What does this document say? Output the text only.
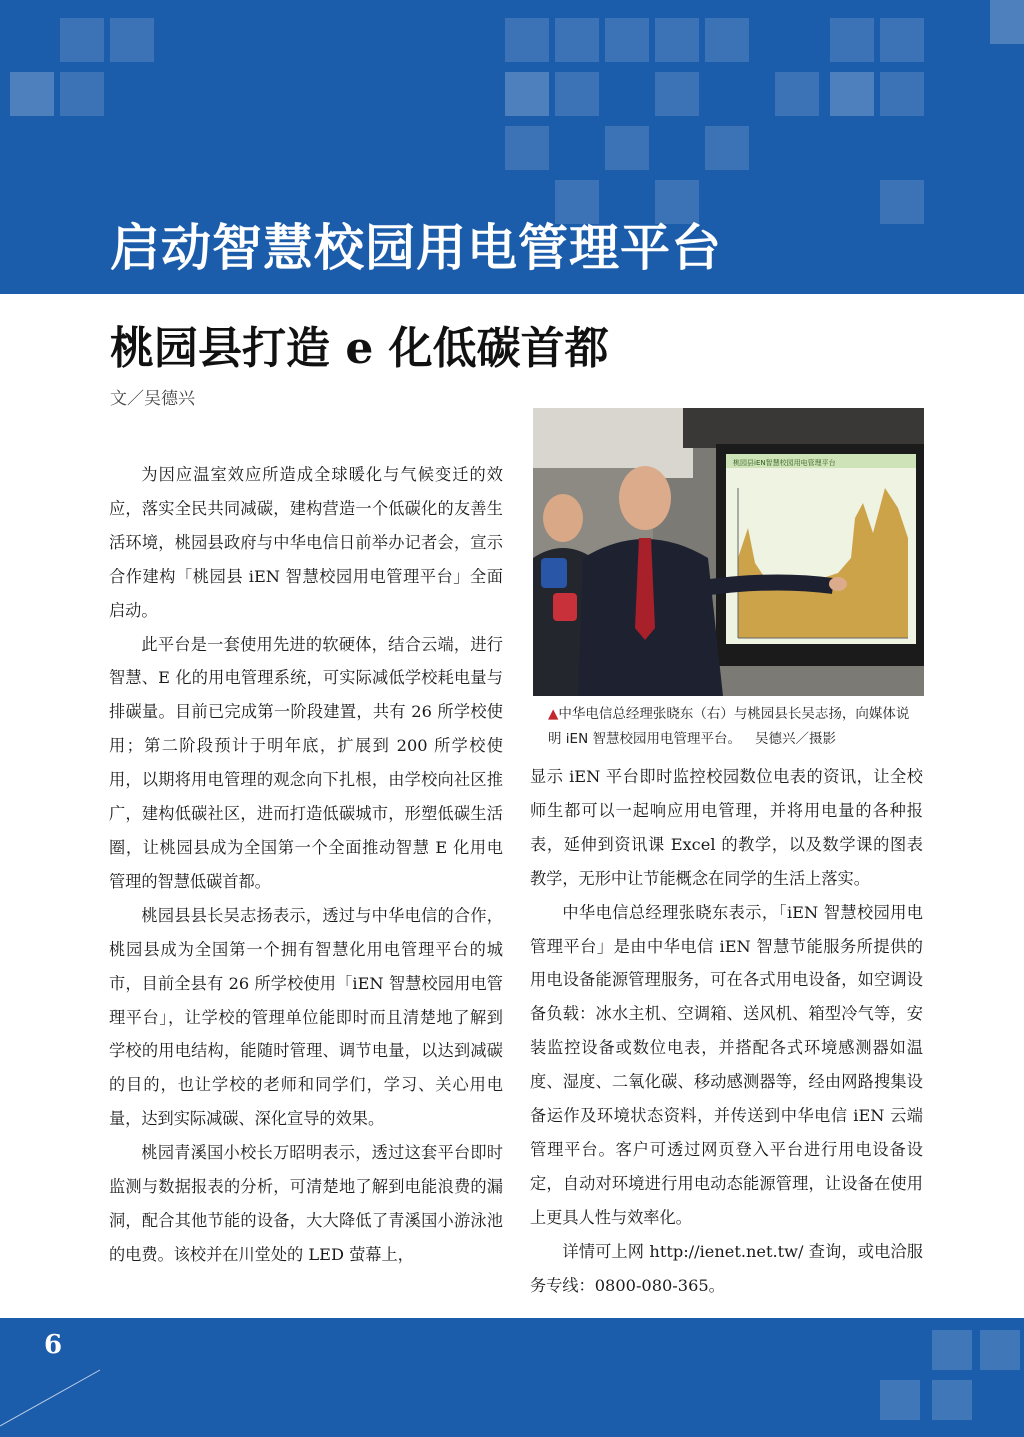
启动智慧校园用电管理平台
桃园县打造 e 化低碳首都
文／吴德兴

为因应温室效应所造成全球暖化与气候变迁的效应，落实全民共同减碳，建构营造一个低碳化的友善生活环境，桃园县政府与中华电信日前举办记者会，宣示合作建构「桃园县 iEN 智慧校园用电管理平台」全面启动。

此平台是一套使用先进的软硬体，结合云端，进行智慧、E 化的用电管理系统，可实际减低学校耗电量与排碳量。目前已完成第一阶段建置，共有 26 所学校使用；第二阶段预计于明年底，扩展到 200 所学校使用，以期将用电管理的观念向下扎根，由学校向社区推广，建构低碳社区，进而打造低碳城市，形塑低碳生活圈，让桃园县成为全国第一个全面推动智慧 E 化用电管理的智慧低碳首都。

桃园县县长吴志扬表示，透过与中华电信的合作，桃园县成为全国第一个拥有智慧化用电管理平台的城市，目前全县有 26 所学校使用「iEN 智慧校园用电管理平台」，让学校的管理单位能即时而且清楚地了解到学校的用电结构，能随时管理、调节电量，以达到减碳的目的，也让学校的老师和同学们，学习、关心用电量，达到实际减碳、深化宣导的效果。

桃园青溪国小校长万昭明表示，透过这套平台即时监测与数据报表的分析，可清楚地了解到电能浪费的漏洞，配合其他节能的设备，大大降低了青溪国小游泳池的电费。该校并在川堂处的 LED 萤幕上，

桃园县iEN智慧校园用电管理平台
▲中华电信总经理张晓东（右）与桃园县长吴志扬，向媒体说明 iEN 智慧校园用电管理平台。 吴德兴／摄影

显示 iEN 平台即时监控校园数位电表的资讯，让全校师生都可以一起响应用电管理，并将用电量的各种报表，延伸到资讯课 Excel 的教学，以及数学课的图表教学，无形中让节能概念在同学的生活上落实。

中华电信总经理张晓东表示，「iEN 智慧校园用电管理平台」是由中华电信 iEN 智慧节能服务所提供的用电设备能源管理服务，可在各式用电设备，如空调设备负载：冰水主机、空调箱、送风机、箱型冷气等，安装监控设备或数位电表，并搭配各式环境感测器如温度、湿度、二氧化碳、移动感测器等，经由网路搜集设备运作及环境状态资料，并传送到中华电信 iEN 云端管理平台。客户可透过网页登入平台进行用电设备设定，自动对环境进行用电动态能源管理，让设备在使用上更具人性与效率化。

详情可上网 http://ienet.net.tw/ 查询，或电洽服务专线：0800-080-365。

6
